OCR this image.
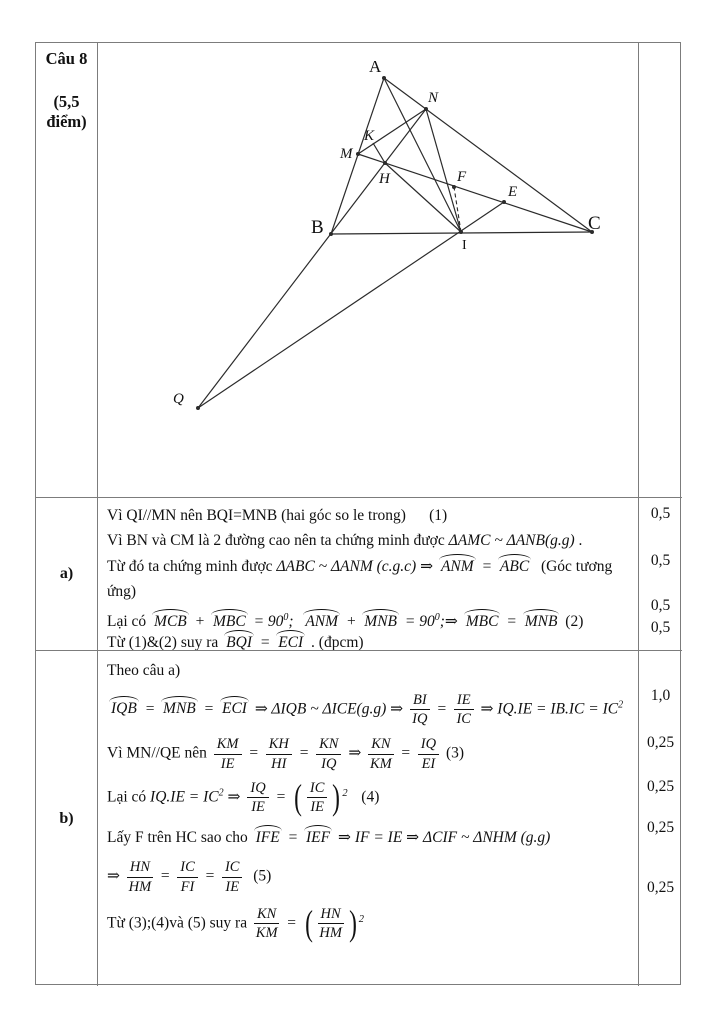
Câu 8
(5,5 điểm)
A
N
K
M
H	F
E
B	C
I
Q
a)
Vì QI//MN nên BQI=MNB (hai góc so le trong)      (1)
Vì BN và CM là 2 đường cao nên ta chứng minh được ΔAMC ~ ΔANB(g.g) .
Từ đó ta chứng minh được ΔABC ~ ΔANM (c.g.c) ⇒ ANM = ABC  (Góc tương
ứng)
Lại có MCB + MBC = $90^0$;  ANM + MNB = $90^0;\Rightarrow$ MBC = MNB (2)
Từ (1)&(2) suy ra BQI = ECI . (đpcm)
0,5
0,5
0,5
0,5
b)
Theo câu a)
IQB = MNB = ECI ⇒ ΔIQB ~ ΔICE(g.g) ⇒ $\frac{BI}{IQ} = \frac{IE}{IC}$ ⇒ $IQ.IE = IB.IC = IC^2$
Vì MN//QE nên $\frac{KM}{IE} = \frac{KH}{HI} = \frac{KN}{IQ}$ ⇒ $\frac{KN}{KM} = \frac{IQ}{EI} (3)$
Lại có $IQ.IE = IC^2$ ⇒ $\frac{IQ}{IE}$ = ( $\frac{IC}{IE}$ ) 2 (4)
Lấy F trên HC sao cho IFE = IEF ⇒ IF = IE ⇒ ΔCIF ~ ΔNHM (g.g)
⇒ $\frac{HN}{HM} = \frac{IC}{FI} = \frac{IC}{IE} (5)$
Từ (3);(4)và (5) suy ra $\frac{KN}{KM}$ = ( $\frac{HN}{HM}$ ) 2
1,0
0,25
0,25
0,25
0,25
